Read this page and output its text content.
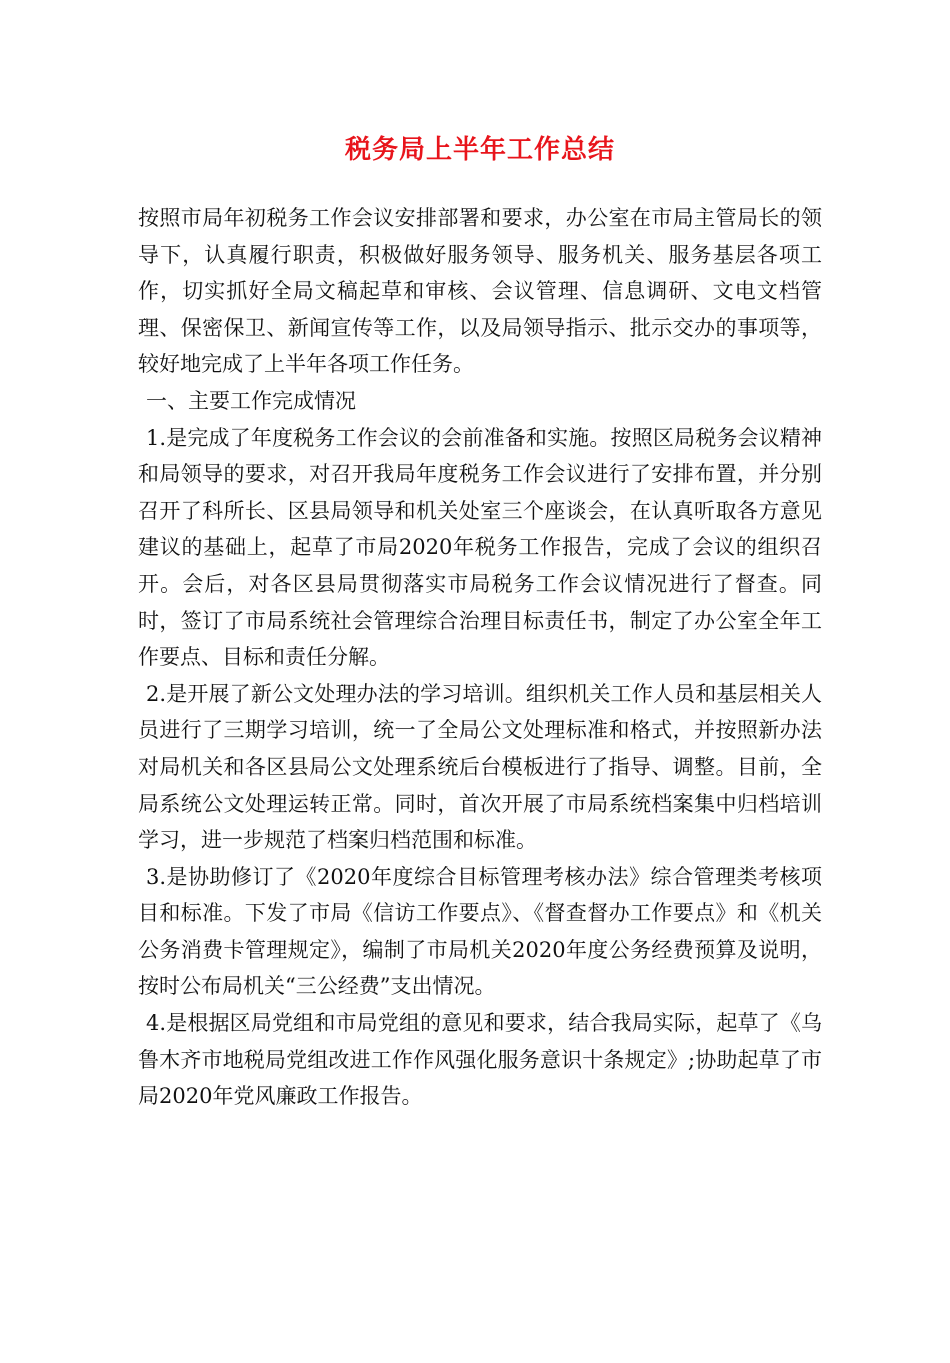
税务局上半年工作总结

按照市局年初税务工作会议安排部署和要求，办公室在市局主管局长的领导下，认真履行职责，积极做好服务领导、服务机关、服务基层各项工作，切实抓好全局文稿起草和审核、会议管理、信息调研、文电文档管理、保密保卫、新闻宣传等工作，以及局领导指示、批示交办的事项等，较好地完成了上半年各项工作任务。

一、主要工作完成情况

1.是完成了年度税务工作会议的会前准备和实施。按照区局税务会议精神和局领导的要求，对召开我局年度税务工作会议进行了安排布置，并分别召开了科所长、区县局领导和机关处室三个座谈会，在认真听取各方意见建议的基础上，起草了市局2020年税务工作报告，完成了会议的组织召开。会后，对各区县局贯彻落实市局税务工作会议情况进行了督查。同时，签订了市局系统社会管理综合治理目标责任书，制定了办公室全年工作要点、目标和责任分解。

2.是开展了新公文处理办法的学习培训。组织机关工作人员和基层相关人员进行了三期学习培训，统一了全局公文处理标准和格式，并按照新办法对局机关和各区县局公文处理系统后台模板进行了指导、调整。目前，全局系统公文处理运转正常。同时，首次开展了市局系统档案集中归档培训学习，进一步规范了档案归档范围和标准。

3.是协助修订了《2020年度综合目标管理考核办法》综合管理类考核项目和标准。下发了市局《信访工作要点》、《督查督办工作要点》和《机关公务消费卡管理规定》，编制了市局机关2020年度公务经费预算及说明，按时公布局机关“三公经费”支出情况。

4.是根据区局党组和市局党组的意见和要求，结合我局实际，起草了《乌鲁木齐市地税局党组改进工作作风强化服务意识十条规定》;协助起草了市局2020年党风廉政工作报告。
